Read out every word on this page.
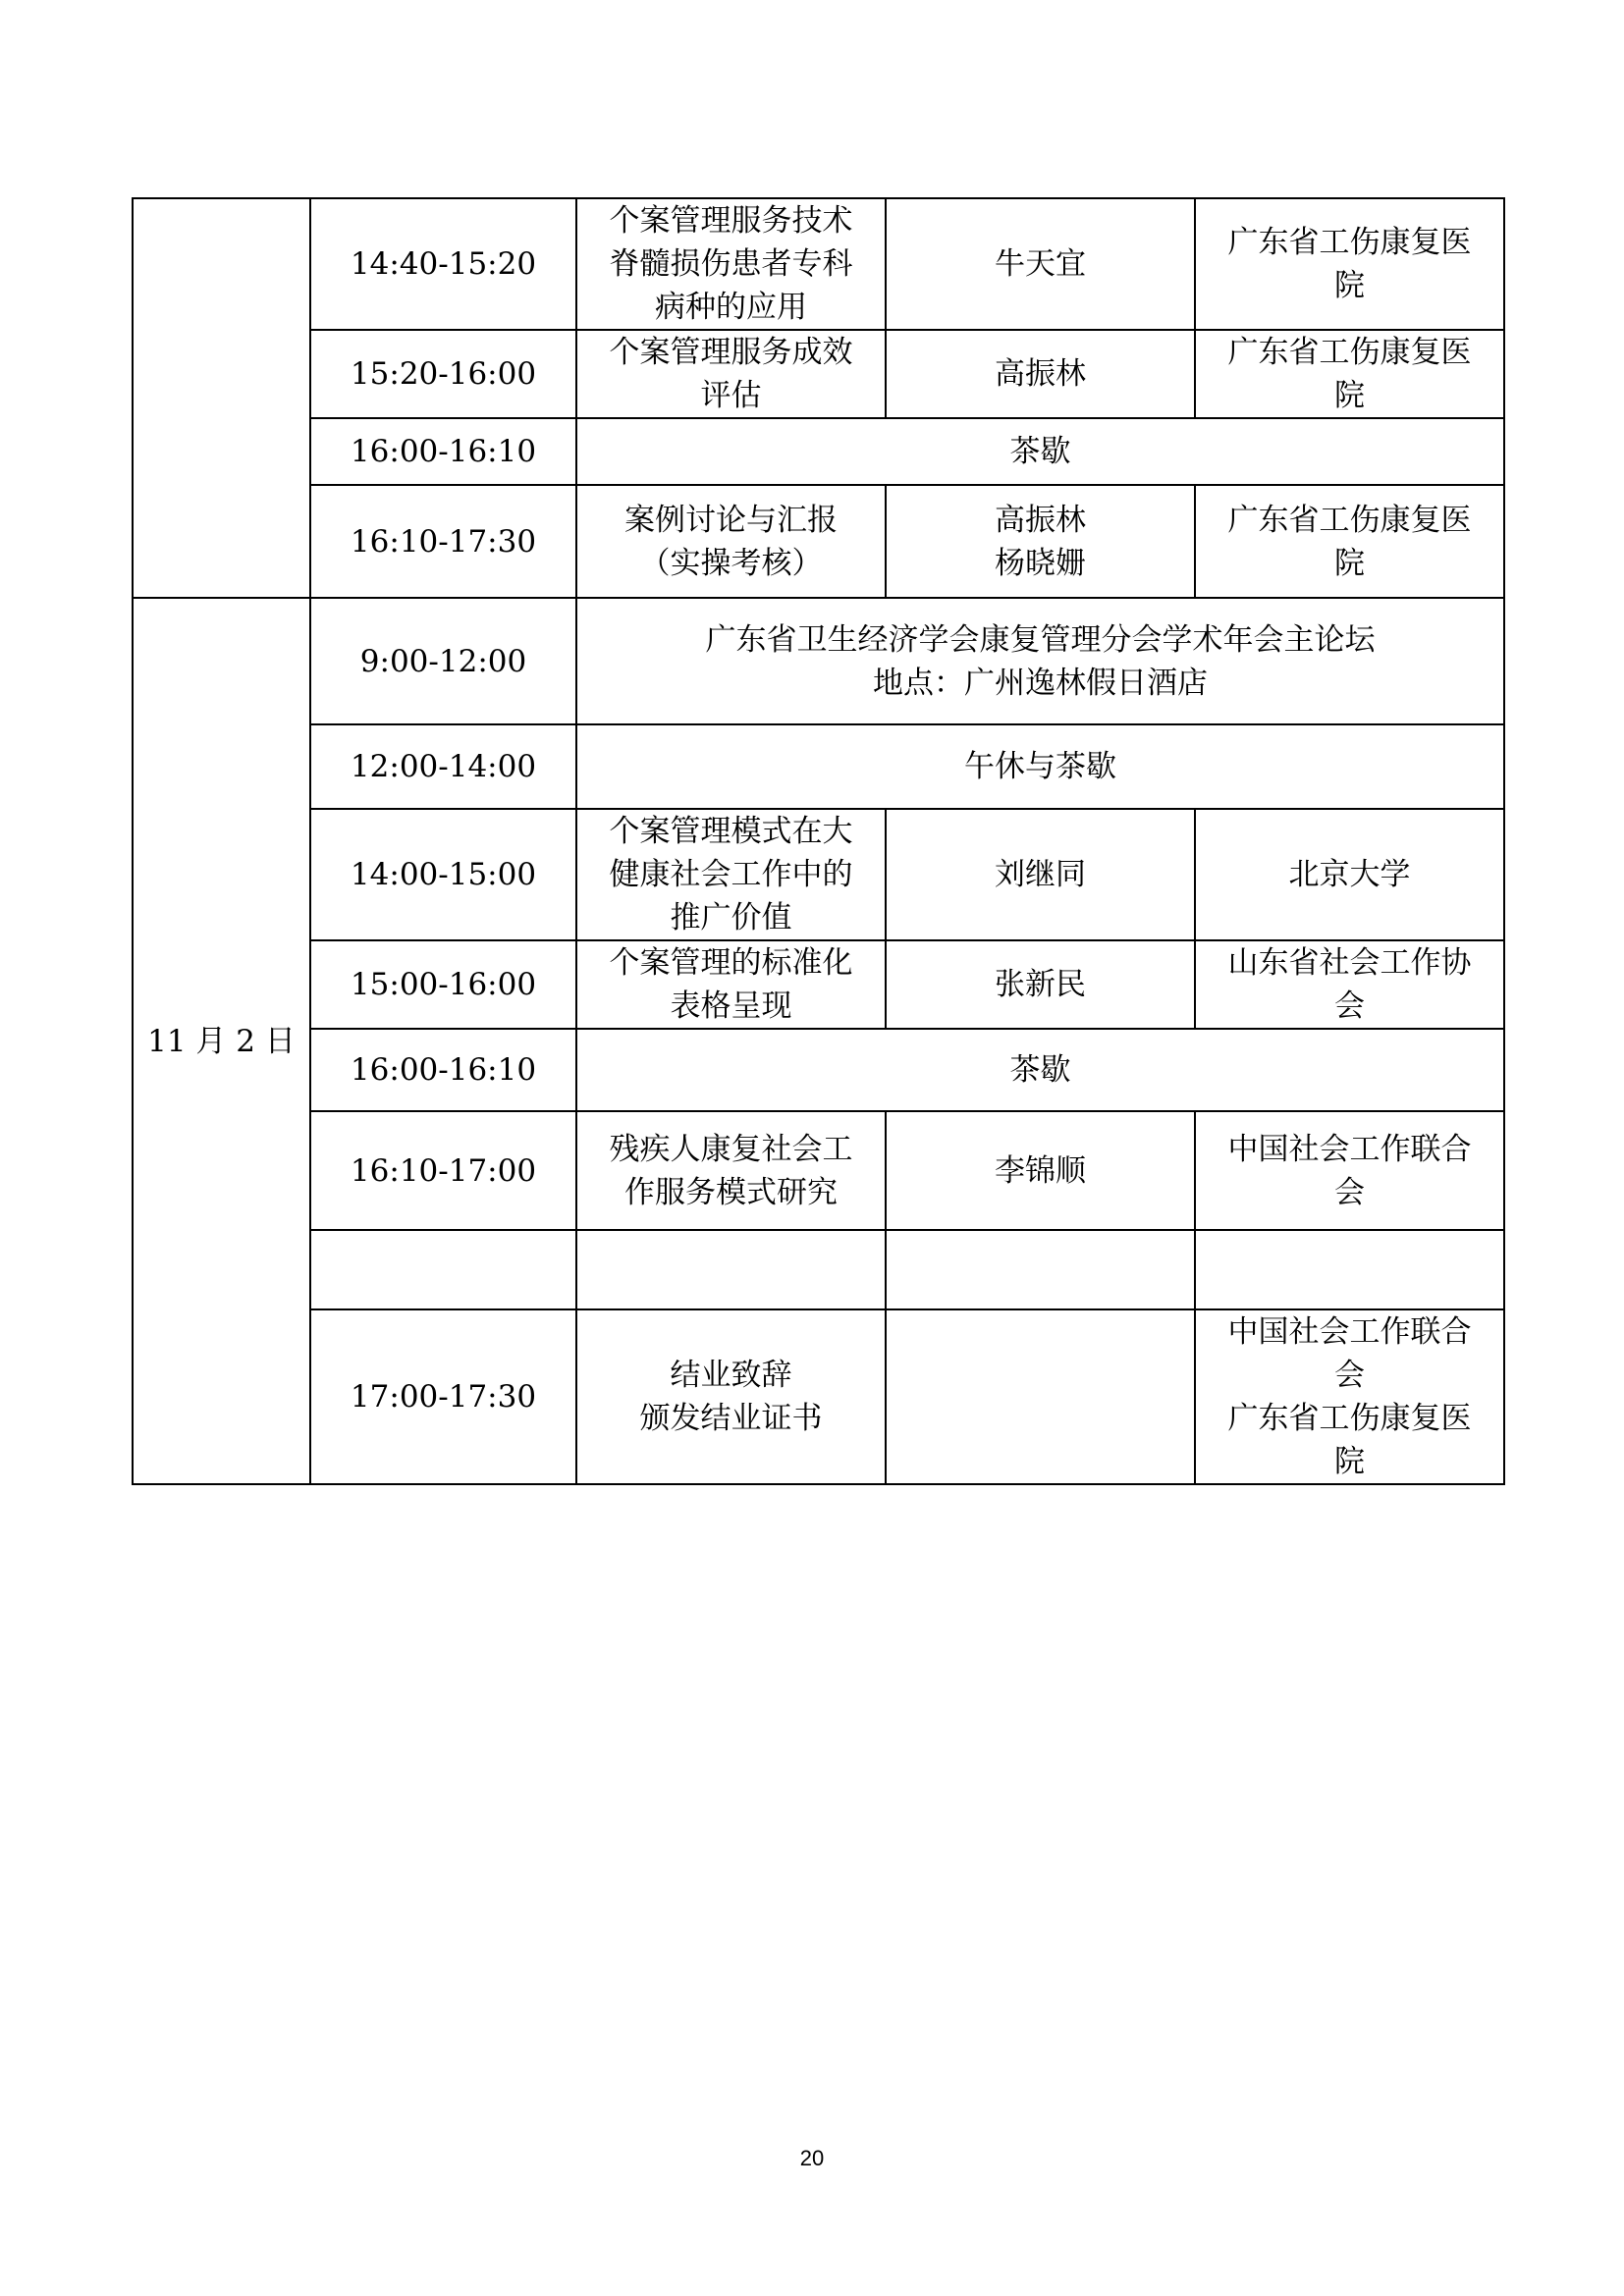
	14:40-15:20	个案管理服务技术
脊髓损伤患者专科
病种的应用	牛天宜	广东省工伤康复医
院

	15:20-16:00	个案管理服务成效
评估	高振林	广东省工伤康复医
院

	16:00-16:10	茶歇		

	16:10-17:30	案例讨论与汇报
（实操考核）	高振林
杨晓姗	广东省工伤康复医
院

11 月 2 日	9:00-12:00	广东省卫生经济学会康复管理分会学术年会主论坛
地点：广州逸林假日酒店		

	12:00-14:00	午休与茶歇		

	14:00-15:00	个案管理模式在大
健康社会工作中的
推广价值	刘继同	北京大学

	15:00-16:00	个案管理的标准化
表格呈现	张新民	山东省社会工作协
会

	16:00-16:10	茶歇		

	16:10-17:00	残疾人康复社会工
作服务模式研究	李锦顺	中国社会工作联合
会

	17:00-17:30	结业致辞
颁发结业证书		中国社会工作联合
会
广东省工伤康复医
院
20
